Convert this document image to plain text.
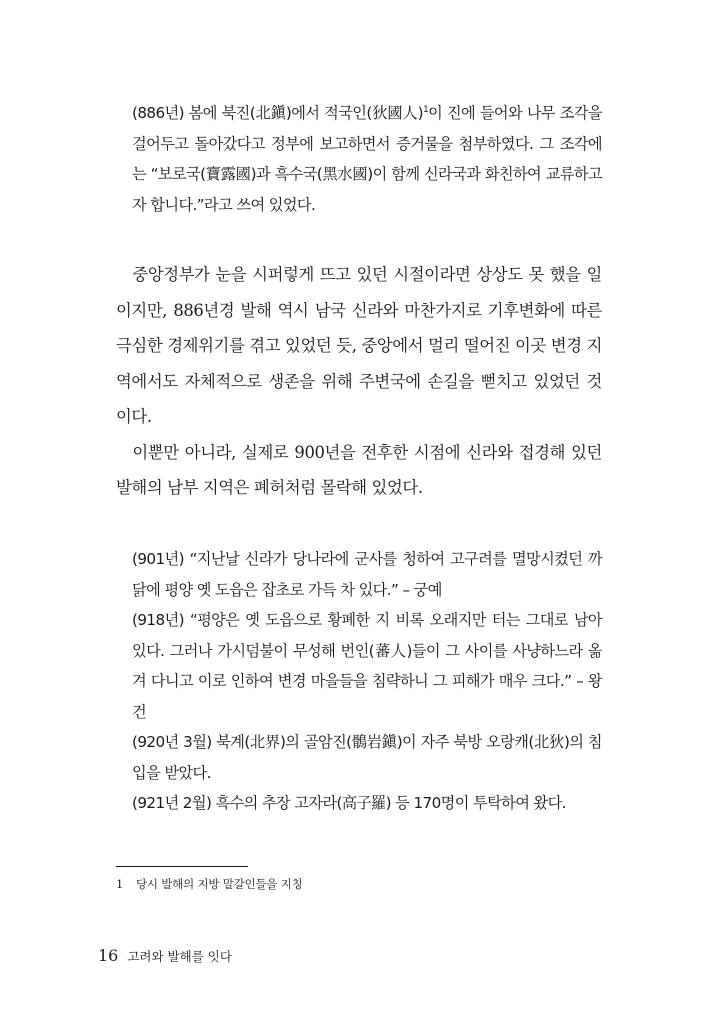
(886년) 봄에 북진(北鎭)에서 적국인(狄國人)$^1$이 진에 들어와 나무 조각을 걸어두고 돌아갔다고 정부에 보고하면서 증거물을 첨부하였다. 그 조각에는 “보로국(寶露國)과 흑수국(黑水國)이 함께 신라국과 화친하여 교류하고자 합니다.”라고 쓰여 있었다.

중앙정부가 눈을 시퍼렇게 뜨고 있던 시절이라면 상상도 못 했을 일이지만, 886년경 발해 역시 남국 신라와 마찬가지로 기후변화에 따른 극심한 경제위기를 겪고 있었던 듯, 중앙에서 멀리 떨어진 이곳 변경 지역에서도 자체적으로 생존을 위해 주변국에 손길을 뻗치고 있었던 것이다.

이뿐만 아니라, 실제로 900년을 전후한 시점에 신라와 접경해 있던 발해의 남부 지역은 폐허처럼 몰락해 있었다.

(901년) “지난날 신라가 당나라에 군사를 청하여 고구려를 멸망시켰던 까닭에 평양 옛 도읍은 잡초로 가득 차 있다.” – 궁예

(918년) “평양은 옛 도읍으로 황폐한 지 비록 오래지만 터는 그대로 남아 있다. 그러나 가시덤불이 무성해 번인(蕃人)들이 그 사이를 사냥하느라 옮겨 다니고 이로 인하여 변경 마을들을 침략하니 그 피해가 매우 크다.” – 왕건

(920년 3월) 북계(北界)의 골암진(鶻岩鎭)이 자주 북방 오랑캐(北狄)의 침입을 받았다.

(921년 2월) 흑수의 추장 고자라(高子羅) 등 170명이 투탁하여 왔다.

1 당시 발해의 지방 말갈인들을 지칭
16 고려와 발해를 잇다
